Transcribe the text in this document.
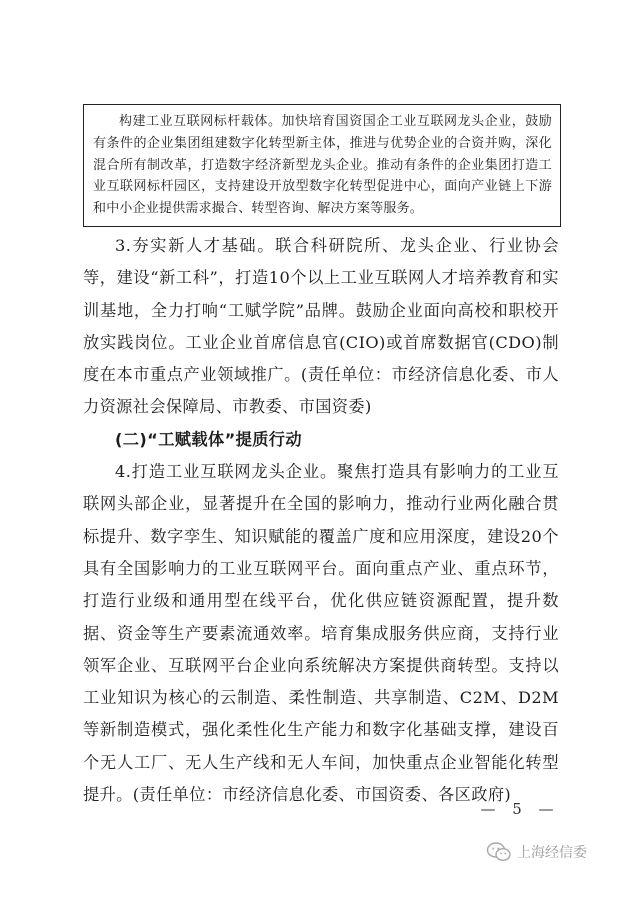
构建工业互联网标杆载体。加快培育国资国企工业互联网龙头企业，鼓励有条件的企业集团组建数字化转型新主体，推进与优势企业的合资并购，深化混合所有制改革，打造数字经济新型龙头企业。推动有条件的企业集团打造工业互联网标杆园区，支持建设开放型数字化转型促进中心，面向产业链上下游和中小企业提供需求撮合、转型咨询、解决方案等服务。

3.夯实新人才基础。联合科研院所、龙头企业、行业协会等，建设“新工科”，打造10个以上工业互联网人才培养教育和实训基地，全力打响“工赋学院”品牌。鼓励企业面向高校和职校开放实践岗位。工业企业首席信息官(CIO)或首席数据官(CDO)制度在本市重点产业领域推广。(责任单位：市经济信息化委、市人力资源社会保障局、市教委、市国资委)

(二)“工赋载体”提质行动

4.打造工业互联网龙头企业。聚焦打造具有影响力的工业互联网头部企业，显著提升在全国的影响力，推动行业两化融合贯标提升、数字孪生、知识赋能的覆盖广度和应用深度，建设20个具有全国影响力的工业互联网平台。面向重点产业、重点环节，打造行业级和通用型在线平台，优化供应链资源配置，提升数据、资金等生产要素流通效率。培育集成服务供应商，支持行业领军企业、互联网平台企业向系统解决方案提供商转型。支持以工业知识为核心的云制造、柔性制造、共享制造、C2M、D2M等新制造模式，强化柔性化生产能力和数字化基础支撑，建设百个无人工厂、无人生产线和无人车间，加快重点企业智能化转型提升。(责任单位：市经济信息化委、市国资委、各区政府)

— 5 —
上海经信委
